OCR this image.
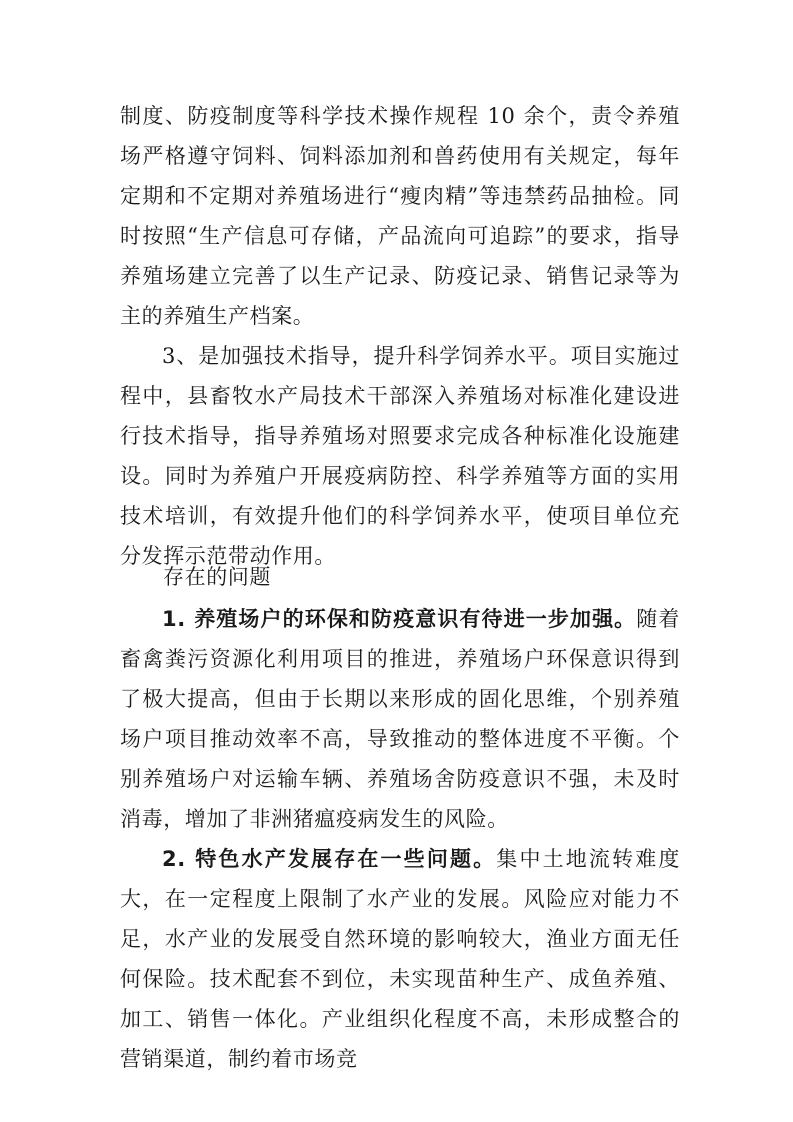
制度、防疫制度等科学技术操作规程 10 余个，责令养殖场严格遵守饲料、饲料添加剂和兽药使用有关规定，每年定期和不定期对养殖场进行“瘦肉精”等违禁药品抽检。同时按照“生产信息可存储，产品流向可追踪”的要求，指导养殖场建立完善了以生产记录、防疫记录、销售记录等为主的养殖生产档案。

3、是加强技术指导，提升科学饲养水平。项目实施过程中，县畜牧水产局技术干部深入养殖场对标准化建设进行技术指导，指导养殖场对照要求完成各种标准化设施建设。同时为养殖户开展疫病防控、科学养殖等方面的实用技术培训，有效提升他们的科学饲养水平，使项目单位充分发挥示范带动作用。

存在的问题

1. 养殖场户的环保和防疫意识有待进一步加强。随着畜禽粪污资源化利用项目的推进，养殖场户环保意识得到了极大提高，但由于长期以来形成的固化思维，个别养殖场户项目推动效率不高，导致推动的整体进度不平衡。个别养殖场户对运输车辆、养殖场舍防疫意识不强，未及时消毒，增加了非洲猪瘟疫病发生的风险。

2. 特色水产发展存在一些问题。集中土地流转难度大，在一定程度上限制了水产业的发展。风险应对能力不足，水产业的发展受自然环境的影响较大，渔业方面无任何保险。技术配套不到位，未实现苗种生产、成鱼养殖、加工、销售一体化。产业组织化程度不高，未形成整合的营销渠道，制约着市场竞
